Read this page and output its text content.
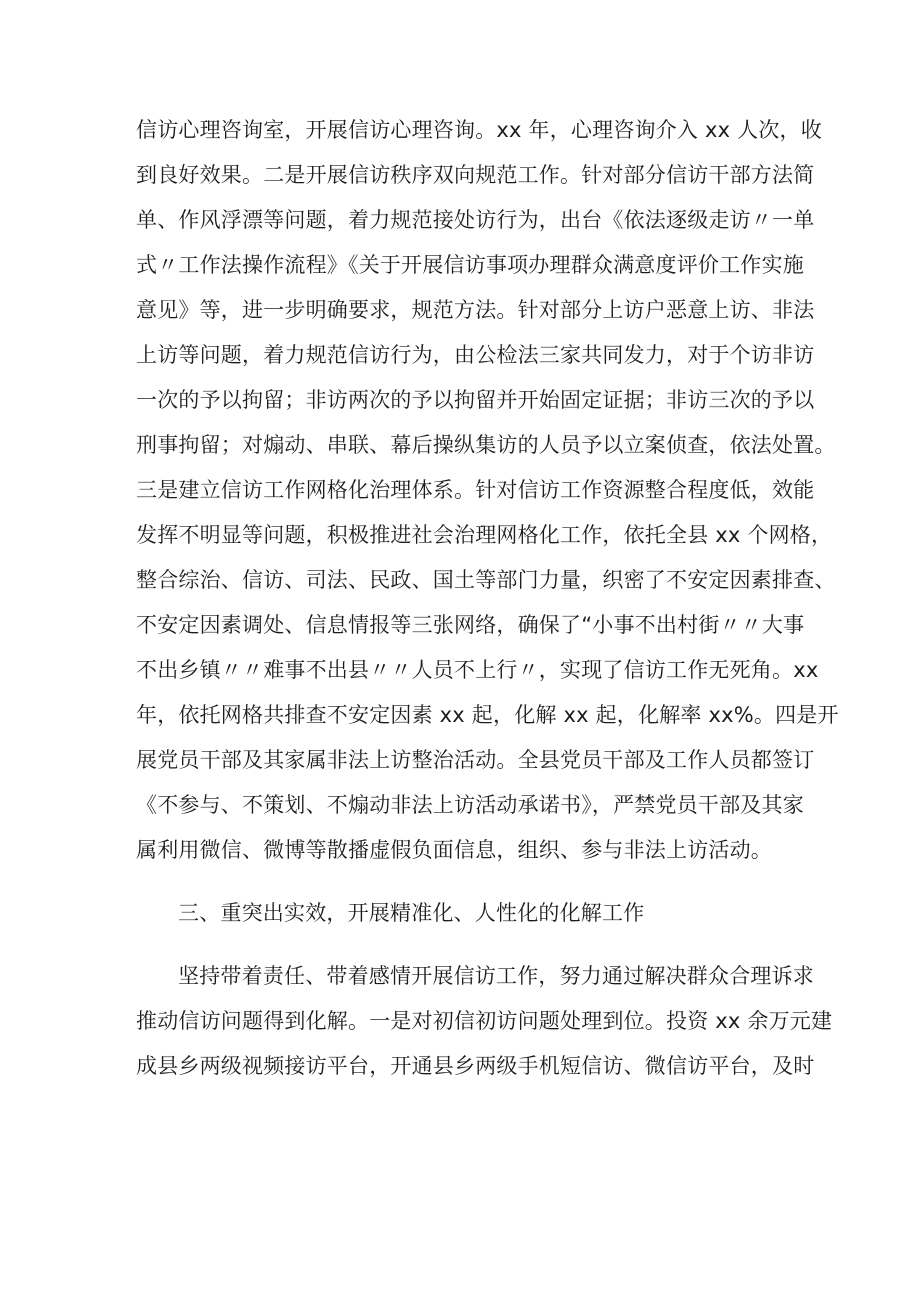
信访心理咨询室，开展信访心理咨询。xx 年，心理咨询介入 xx 人次，收
到良好效果。二是开展信访秩序双向规范工作。针对部分信访干部方法简
单、作风浮漂等问题，着力规范接处访行为，出台《依法逐级走访〃一单
式〃工作法操作流程》《关于开展信访事项办理群众满意度评价工作实施
意见》等，进一步明确要求，规范方法。针对部分上访户恶意上访、非法
上访等问题，着力规范信访行为，由公检法三家共同发力，对于个访非访
一次的予以拘留；非访两次的予以拘留并开始固定证据；非访三次的予以
刑事拘留；对煽动、串联、幕后操纵集访的人员予以立案侦查，依法处置。
三是建立信访工作网格化治理体系。针对信访工作资源整合程度低，效能
发挥不明显等问题，积极推进社会治理网格化工作，依托全县 xx 个网格，
整合综治、信访、司法、民政、国土等部门力量，织密了不安定因素排查、
不安定因素调处、信息情报等三张网络，确保了“小事不出村街〃〃大事
不出乡镇〃〃难事不出县〃〃人员不上行〃，实现了信访工作无死角。xx
年，依托网格共排查不安定因素 xx 起，化解 xx 起，化解率 xx%。四是开
展党员干部及其家属非法上访整治活动。全县党员干部及工作人员都签订
《不参与、不策划、不煽动非法上访活动承诺书》，严禁党员干部及其家
属利用微信、微博等散播虚假负面信息，组织、参与非法上访活动。
三、重突出实效，开展精准化、人性化的化解工作
坚持带着责任、带着感情开展信访工作，努力通过解决群众合理诉求
推动信访问题得到化解。一是对初信初访问题处理到位。投资 xx 余万元建
成县乡两级视频接访平台，开通县乡两级手机短信访、微信访平台，及时
